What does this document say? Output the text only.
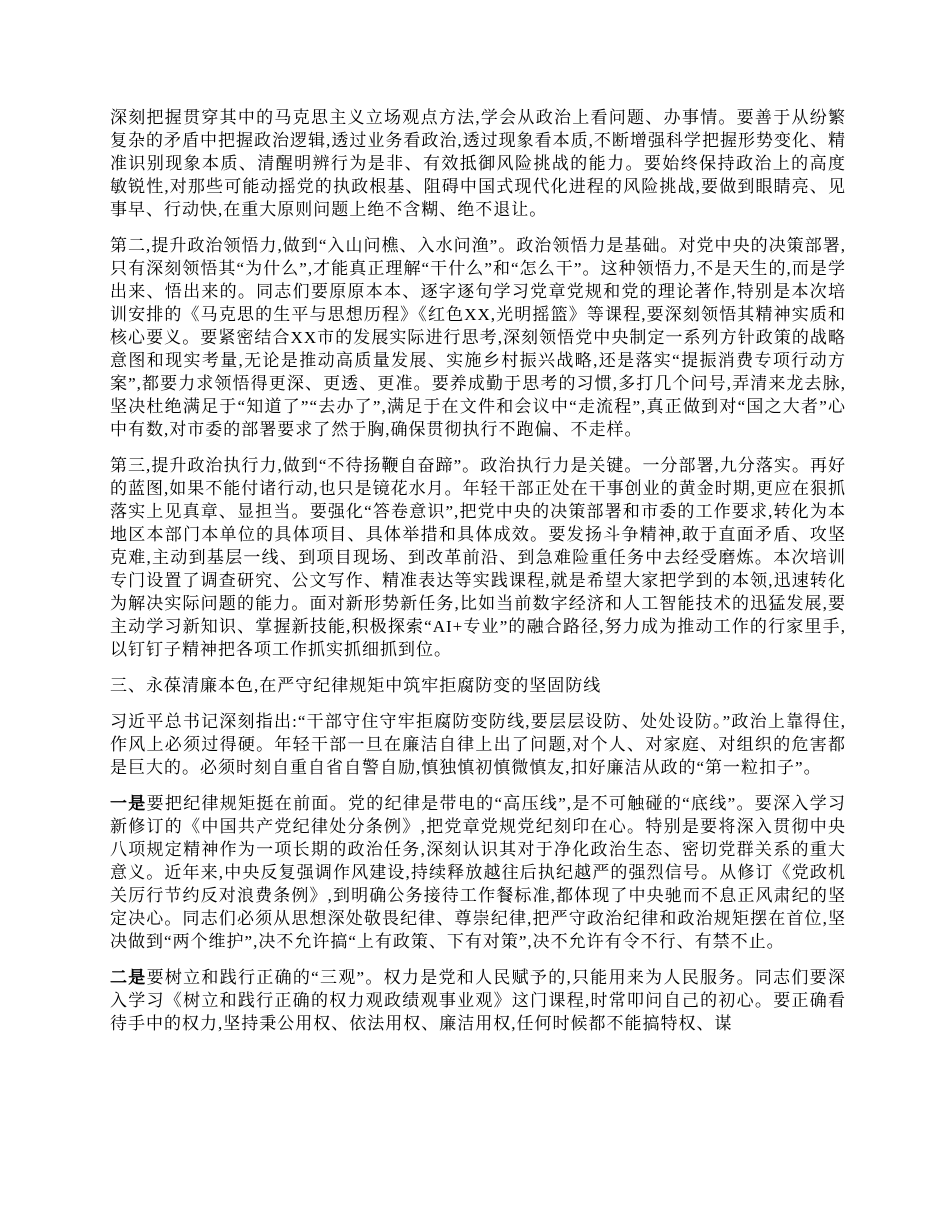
深刻把握贯穿其中的马克思主义立场观点方法,学会从政治上看问题、办事情。要善于从纷繁复杂的矛盾中把握政治逻辑,透过业务看政治,透过现象看本质,不断增强科学把握形势变化、精准识别现象本质、清醒明辨行为是非、有效抵御风险挑战的能力。要始终保持政治上的高度敏锐性,对那些可能动摇党的执政根基、阻碍中国式现代化进程的风险挑战,要做到眼睛亮、见事早、行动快,在重大原则问题上绝不含糊、绝不退让。

第二,提升政治领悟力,做到“入山问樵、入水问渔”。政治领悟力是基础。对党中央的决策部署,只有深刻领悟其“为什么”,才能真正理解“干什么”和“怎么干”。这种领悟力,不是天生的,而是学出来、悟出来的。同志们要原原本本、逐字逐句学习党章党规和党的理论著作,特别是本次培训安排的《马克思的生平与思想历程》《红色XX,光明摇篮》等课程,要深刻领悟其精神实质和核心要义。要紧密结合XX市的发展实际进行思考,深刻领悟党中央制定一系列方针政策的战略意图和现实考量,无论是推动高质量发展、实施乡村振兴战略,还是落实“提振消费专项行动方案”,都要力求领悟得更深、更透、更准。要养成勤于思考的习惯,多打几个问号,弄清来龙去脉,坚决杜绝满足于“知道了”“去办了”,满足于在文件和会议中“走流程”,真正做到对“国之大者”心中有数,对市委的部署要求了然于胸,确保贯彻执行不跑偏、不走样。

第三,提升政治执行力,做到“不待扬鞭自奋蹄”。政治执行力是关键。一分部署,九分落实。再好的蓝图,如果不能付诸行动,也只是镜花水月。年轻干部正处在干事创业的黄金时期,更应在狠抓落实上见真章、显担当。要强化“答卷意识”,把党中央的决策部署和市委的工作要求,转化为本地区本部门本单位的具体项目、具体举措和具体成效。要发扬斗争精神,敢于直面矛盾、攻坚克难,主动到基层一线、到项目现场、到改革前沿、到急难险重任务中去经受磨炼。本次培训专门设置了调查研究、公文写作、精准表达等实践课程,就是希望大家把学到的本领,迅速转化为解决实际问题的能力。面对新形势新任务,比如当前数字经济和人工智能技术的迅猛发展,要主动学习新知识、掌握新技能,积极探索“AI+专业”的融合路径,努力成为推动工作的行家里手,以钉钉子精神把各项工作抓实抓细抓到位。

三、永葆清廉本色,在严守纪律规矩中筑牢拒腐防变的坚固防线

习近平总书记深刻指出:“干部守住守牢拒腐防变防线,要层层设防、处处设防。”政治上靠得住,作风上必须过得硬。年轻干部一旦在廉洁自律上出了问题,对个人、对家庭、对组织的危害都是巨大的。必须时刻自重自省自警自励,慎独慎初慎微慎友,扣好廉洁从政的“第一粒扣子”。

一是要把纪律规矩挺在前面。党的纪律是带电的“高压线”,是不可触碰的“底线”。要深入学习新修订的《中国共产党纪律处分条例》,把党章党规党纪刻印在心。特别是要将深入贯彻中央八项规定精神作为一项长期的政治任务,深刻认识其对于净化政治生态、密切党群关系的重大意义。近年来,中央反复强调作风建设,持续释放越往后执纪越严的强烈信号。从修订《党政机关厉行节约反对浪费条例》,到明确公务接待工作餐标准,都体现了中央驰而不息正风肃纪的坚定决心。同志们必须从思想深处敬畏纪律、尊崇纪律,把严守政治纪律和政治规矩摆在首位,坚决做到“两个维护”,决不允许搞“上有政策、下有对策”,决不允许有令不行、有禁不止。

二是要树立和践行正确的“三观”。权力是党和人民赋予的,只能用来为人民服务。同志们要深入学习《树立和践行正确的权力观政绩观事业观》这门课程,时常叩问自己的初心。要正确看待手中的权力,坚持秉公用权、依法用权、廉洁用权,任何时候都不能搞特权、谋
